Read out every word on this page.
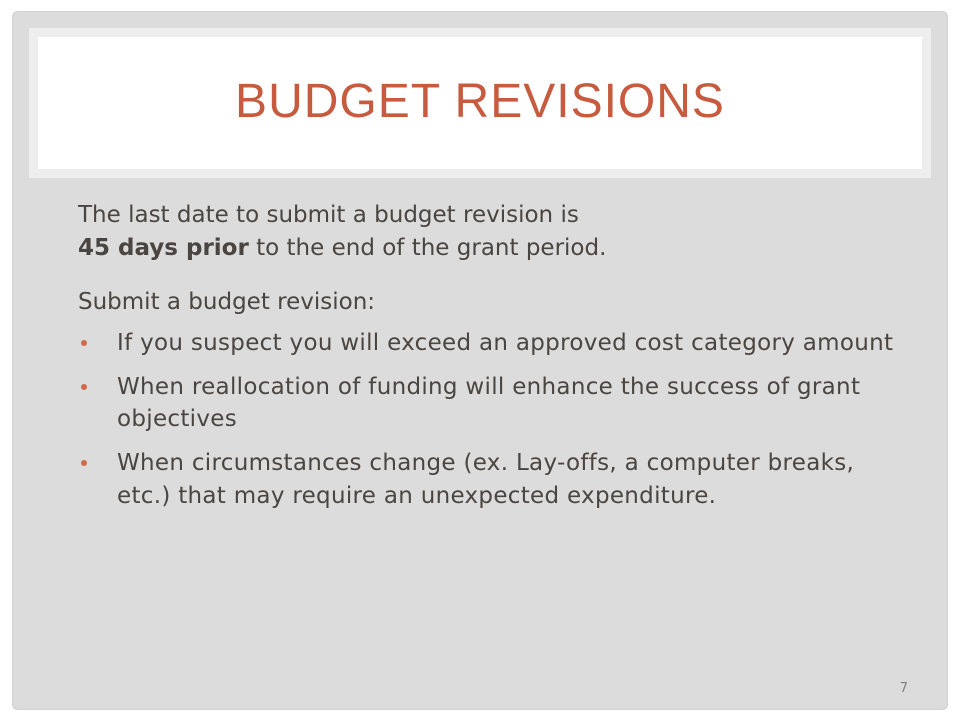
BUDGET REVISIONS

The last date to submit a budget revision is
45 days prior to the end of the grant period.

Submit a budget revision:

If you suspect you will exceed an approved cost category amount
When reallocation of funding will enhance the success of grant objectives
When circumstances change (ex. Lay-offs, a computer breaks, etc.) that may require an unexpected expenditure.
7
